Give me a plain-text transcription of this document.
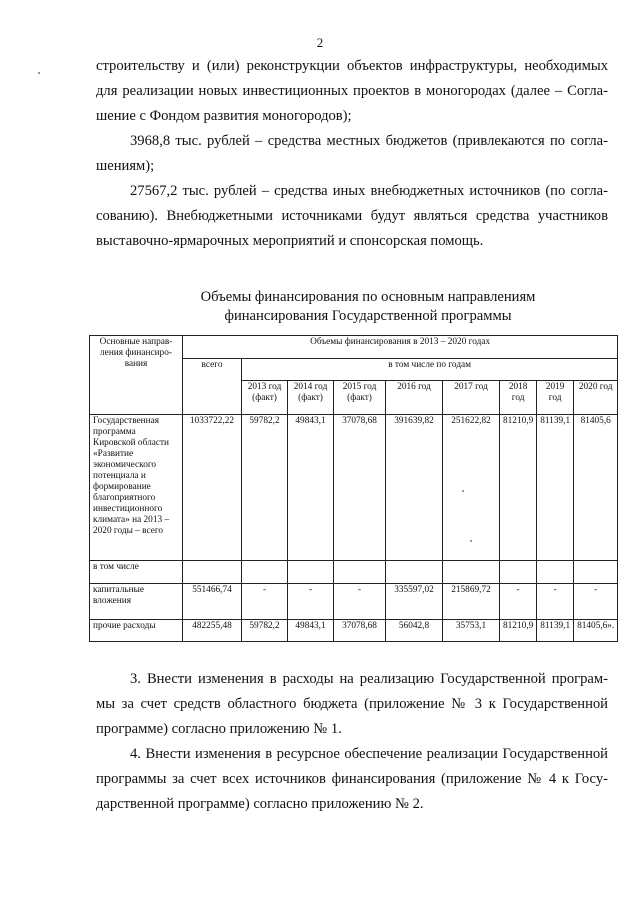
2
строительству и (или) реконструкции объектов инфраструктуры, необходимых
для реализации новых инвестиционных проектов в моногородах (далее – Согла-
шение с Фондом развития моногородов);
3968,8 тыс. рублей – средства местных бюджетов (привлекаются по согла-
шениям);
27567,2 тыс. рублей – средства иных внебюджетных источников (по согла-
сованию). Внебюджетными источниками будут являться средства участников
выставочно-ярмарочных мероприятий и спонсорская помощь.
Объемы финансирования по основным направлениям
финансирования Государственной программы
Основные направ- ления финансиро- вания	Объемы финансирования в 2013 – 2020 годах								
	всего	в том числе по годам							
		2013 год (факт)	2014 год (факт)	2015 год (факт)	2016 год	2017 год	2018 год	2019 год	2020 год
Государственная программа Кировской области «Развитие экономического потенциала и формирование благоприятного инвестиционного климата» на 2013 – 2020 годы – всего	1033722,22	59782,2	49843,1	37078,68	391639,82	251622,82	81210,9	81139,1	81405,6
в том числе									
капитальные вложения	551466,74	-	-	-	335597,02	215869,72	-	-	-
прочие расходы	482255,48	59782,2	49843,1	37078,68	56042,8	35753,1	81210,9	81139,1	81405,6».
3. Внести изменения в расходы на реализацию Государственной програм-
мы за счет средств областного бюджета (приложение № 3 к Государственной
программе) согласно приложению № 1.
4. Внести изменения в ресурсное обеспечение реализации Государственной
программы за счет всех источников финансирования (приложение № 4 к Госу-
дарственной программе) согласно приложению № 2.
